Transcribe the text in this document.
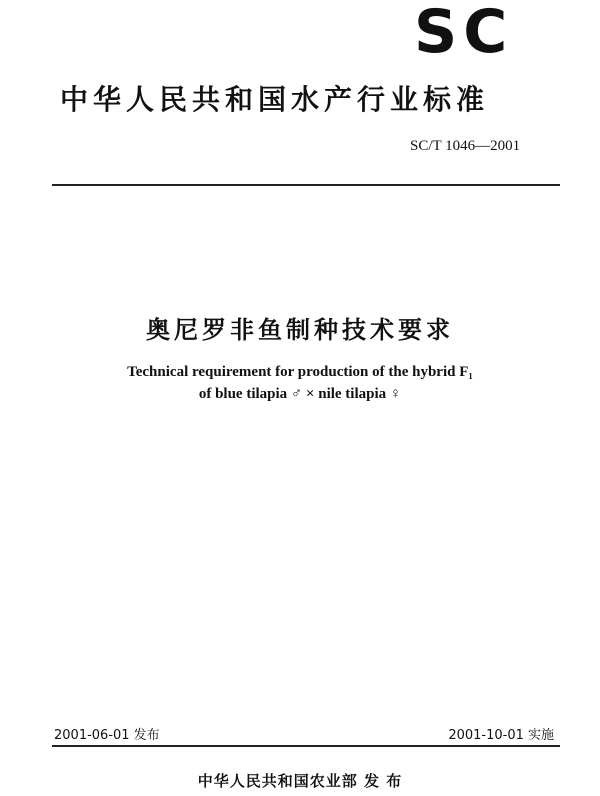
SC
中华人民共和国水产行业标准
SC/T 1046—2001
奥尼罗非鱼制种技术要求
Technical requirement for production of the hybrid F₁
of blue tilapia ♂ × nile tilapia ♀
2001-06-01 发布	2001-10-01 实施
中华人民共和国农业部 发 布
